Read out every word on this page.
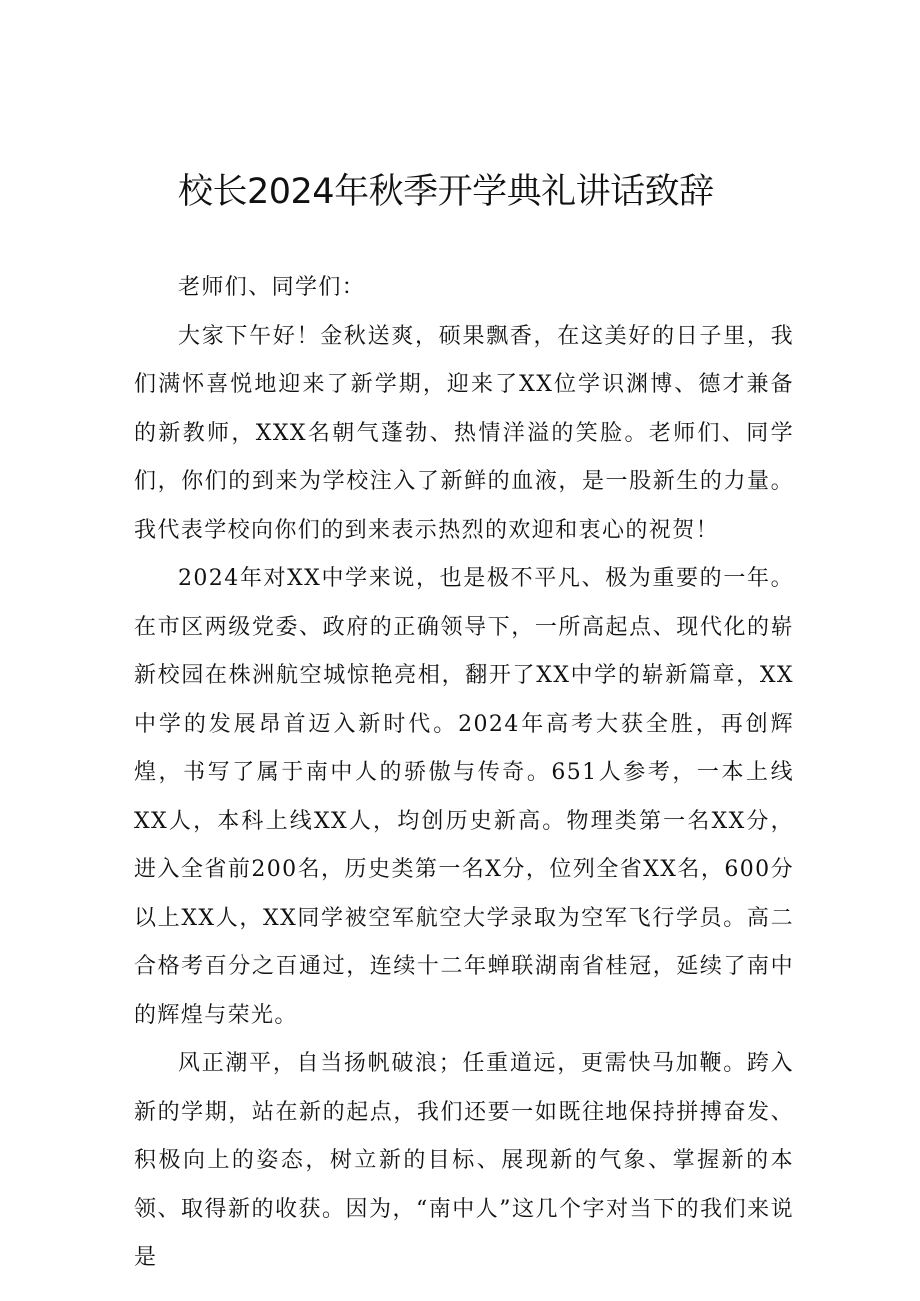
校长2024年秋季开学典礼讲话致辞

老师们、同学们：

大家下午好！金秋送爽，硕果飘香，在这美好的日子里，我们满怀喜悦地迎来了新学期，迎来了XX位学识渊博、德才兼备的新教师，XXX名朝气蓬勃、热情洋溢的笑脸。老师们、同学们，你们的到来为学校注入了新鲜的血液，是一股新生的力量。我代表学校向你们的到来表示热烈的欢迎和衷心的祝贺！

2024年对XX中学来说，也是极不平凡、极为重要的一年。在市区两级党委、政府的正确领导下，一所高起点、现代化的崭新校园在株洲航空城惊艳亮相，翻开了XX中学的崭新篇章，XX中学的发展昂首迈入新时代。2024年高考大获全胜，再创辉煌，书写了属于南中人的骄傲与传奇。651人参考，一本上线XX人，本科上线XX人，均创历史新高。物理类第一名XX分，进入全省前200名，历史类第一名X分，位列全省XX名，600分以上XX人，XX同学被空军航空大学录取为空军飞行学员。高二合格考百分之百通过，连续十二年蝉联湖南省桂冠，延续了南中的辉煌与荣光。

风正潮平，自当扬帆破浪；任重道远，更需快马加鞭。跨入新的学期，站在新的起点，我们还要一如既往地保持拼搏奋发、积极向上的姿态，树立新的目标、展现新的气象、掌握新的本领、取得新的收获。因为，“南中人”这几个字对当下的我们来说是
